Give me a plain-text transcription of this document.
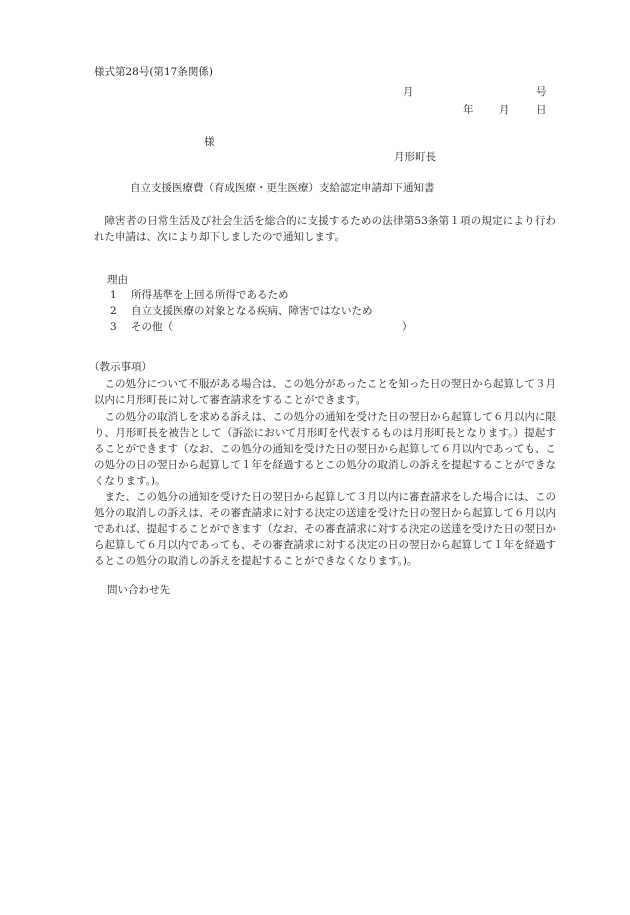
様式第28号(第17条関係)
月	号
年 月	日
様
月形町長
自立支援医療費（育成医療・更生医療）支給認定申請却下通知書
障害者の日常生活及び社会生活を総合的に支援するための法律第53条第１項の規定により行われた申請は、次により却下しましたので通知します。
理由
1 所得基準を上回る所得であるため
2 自立支援医療の対象となる疾病、障害ではないため
3 その他（	）
（教示事項）
この処分について不服がある場合は、この処分があったことを知った日の翌日から起算して３月以内に月形町長に対して審査請求をすることができます。
この処分の取消しを求める訴えは、この処分の通知を受けた日の翌日から起算して６月以内に限り、月形町長を被告として（訴訟において月形町を代表するものは月形町長となります。）提起することができます（なお、この処分の通知を受けた日の翌日から起算して６月以内であっても、この処分の日の翌日から起算して１年を経過するとこの処分の取消しの訴えを提起することができなくなります。)。
また、この処分の通知を受けた日の翌日から起算して３月以内に審査請求をした場合には、この処分の取消しの訴えは、その審査請求に対する決定の送達を受けた日の翌日から起算して６月以内であれば、提起することができます（なお、その審査請求に対する決定の送達を受けた日の翌日から起算して６月以内であっても、その審査請求に対する決定の日の翌日から起算して１年を経過するとこの処分の取消しの訴えを提起することができなくなります。)。
問い合わせ先
